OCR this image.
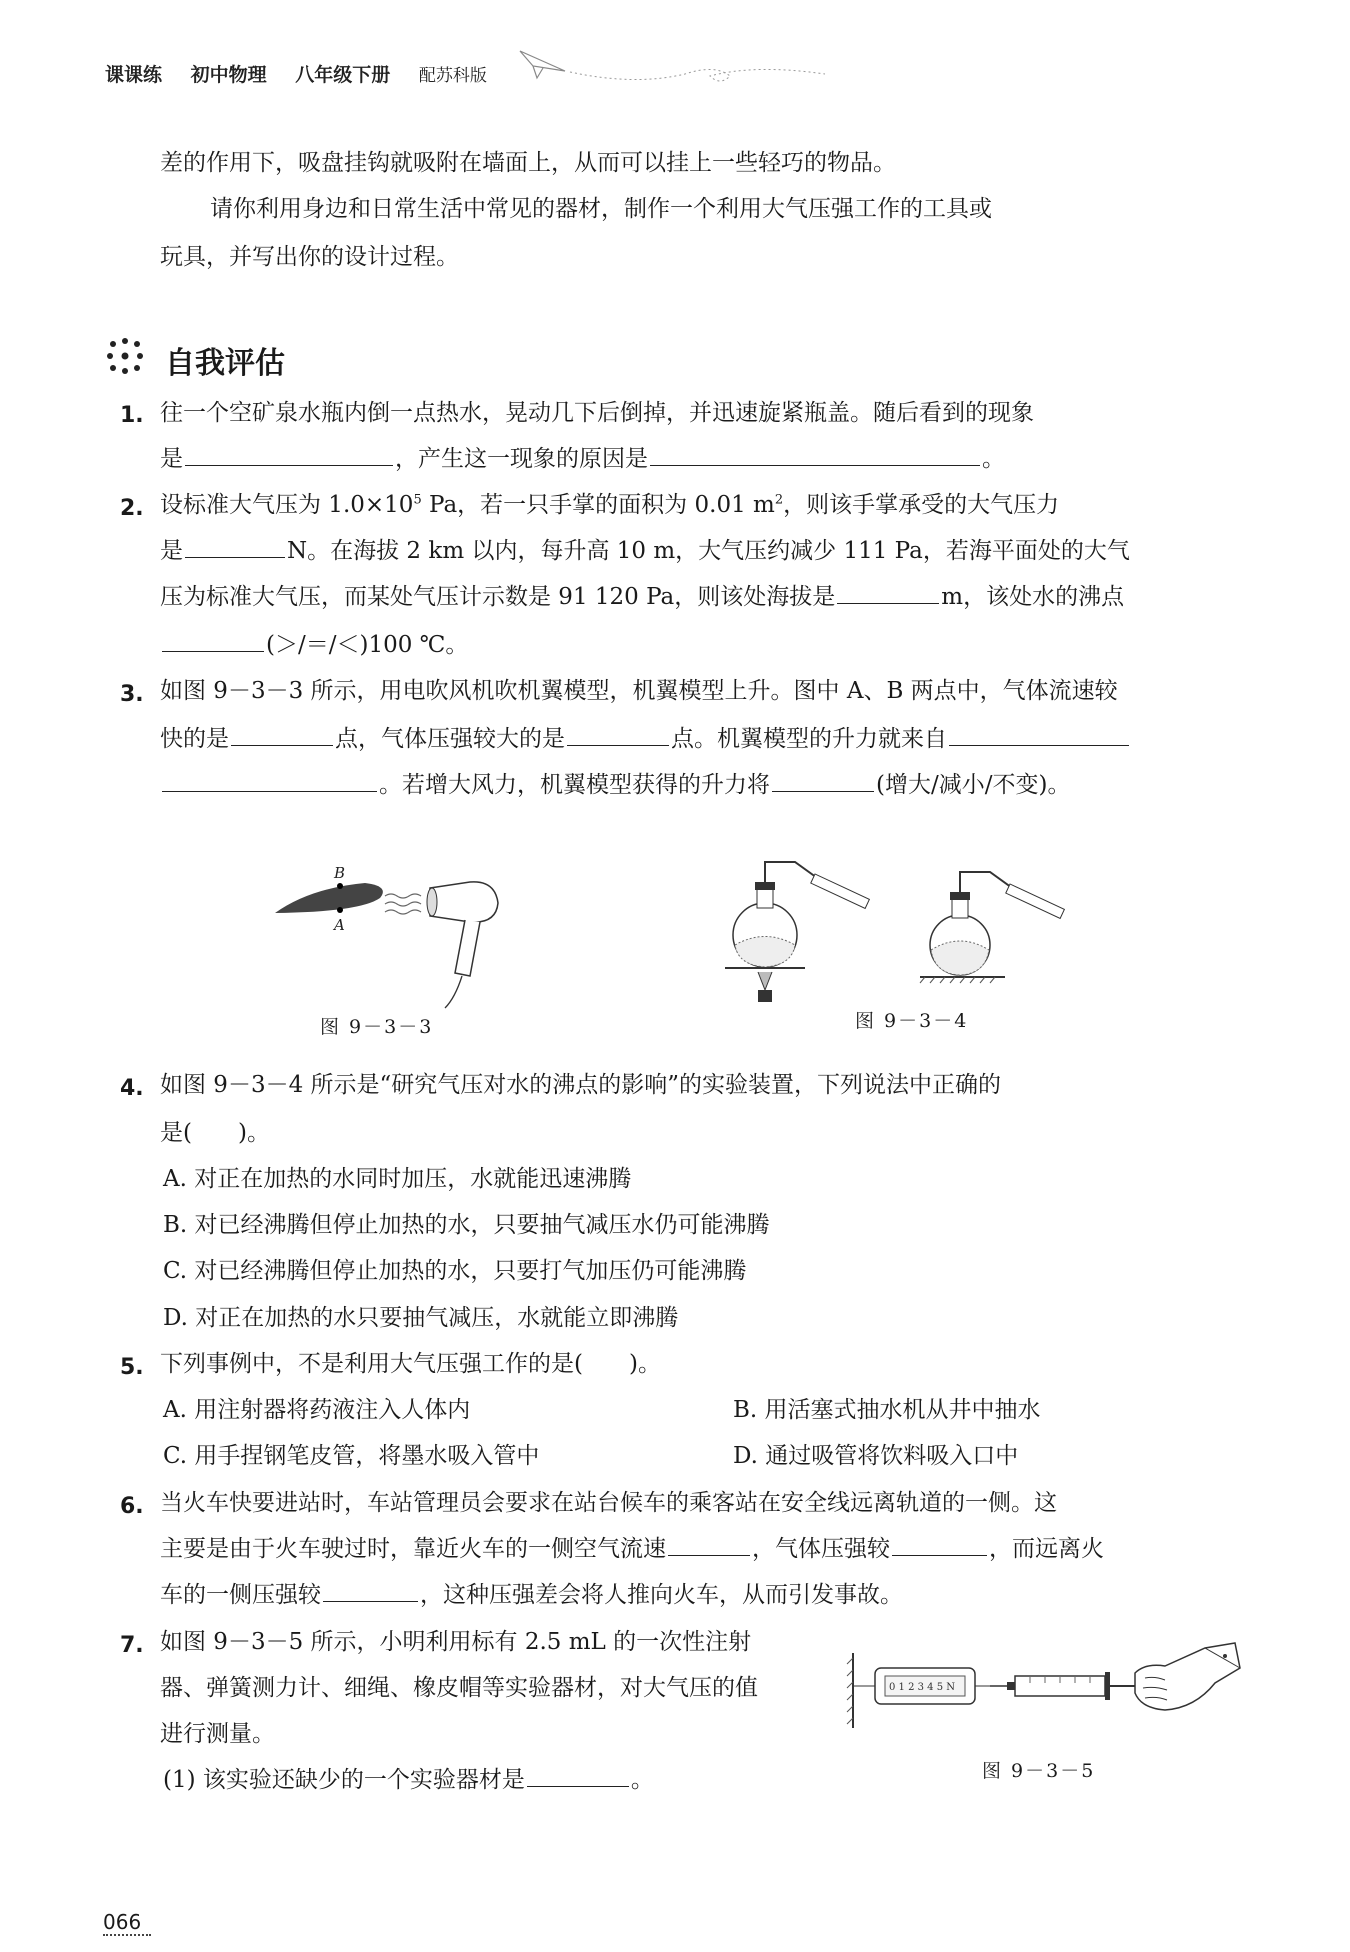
课课练 初中物理 八年级下册 配苏科版
差的作用下，吸盘挂钩就吸附在墙面上，从而可以挂上一些轻巧的物品。
请你利用身边和日常生活中常见的器材，制作一个利用大气压强工作的工具或
玩具，并写出你的设计过程。
自我评估
1. 往一个空矿泉水瓶内倒一点热水，晃动几下后倒掉，并迅速旋紧瓶盖。随后看到的现象
是	，产生这一现象的原因是	。
2. 设标准大气压为 $1.0\times 10^5$ Pa，若一只手掌的面积为 0.01 $m^2$，则该手掌承受的大气压力
是	N。在海拔 2 km 以内，每升高 10 m，大气压约减少 111 Pa，若海平面处的大气
压为标准大气压，而某处气压计示数是 91 120 Pa，则该处海拔是	m，该处水的沸点
(＞/＝/＜)100 ℃。
3. 如图 9－3－3 所示，用电吹风机吹机翼模型，机翼模型上升。图中 A、B 两点中，气体流速较
快的是	点，气体压强较大的是	点。机翼模型的升力就来自
。若增大风力，机翼模型获得的升力将	(增大/减小/不变)。
B
A
图 9－3－3	图 9－3－4
4. 如图 9－3－4 所示是“研究气压对水的沸点的影响”的实验装置，下列说法中正确的
是(　　)。
A. 对正在加热的水同时加压，水就能迅速沸腾
B. 对已经沸腾但停止加热的水，只要抽气减压水仍可能沸腾
C. 对已经沸腾但停止加热的水，只要打气加压仍可能沸腾
D. 对正在加热的水只要抽气减压，水就能立即沸腾
5. 下列事例中，不是利用大气压强工作的是(　　)。
A. 用注射器将药液注入人体内	B. 用活塞式抽水机从井中抽水
C. 用手捏钢笔皮管，将墨水吸入管中	D. 通过吸管将饮料吸入口中
6. 当火车快要进站时，车站管理员会要求在站台候车的乘客站在安全线远离轨道的一侧。这
主要是由于火车驶过时，靠近火车的一侧空气流速	，气体压强较	，而远离火
车的一侧压强较	，这种压强差会将人推向火车，从而引发事故。
7. 如图 9－3－5 所示，小明利用标有 2.5 mL 的一次性注射
器、弹簧测力计、细绳、橡皮帽等实验器材，对大气压的值
进行测量。
(1) 该实验还缺少的一个实验器材是	。
0 1 2 3 4 5 N
图 9－3－5
066
